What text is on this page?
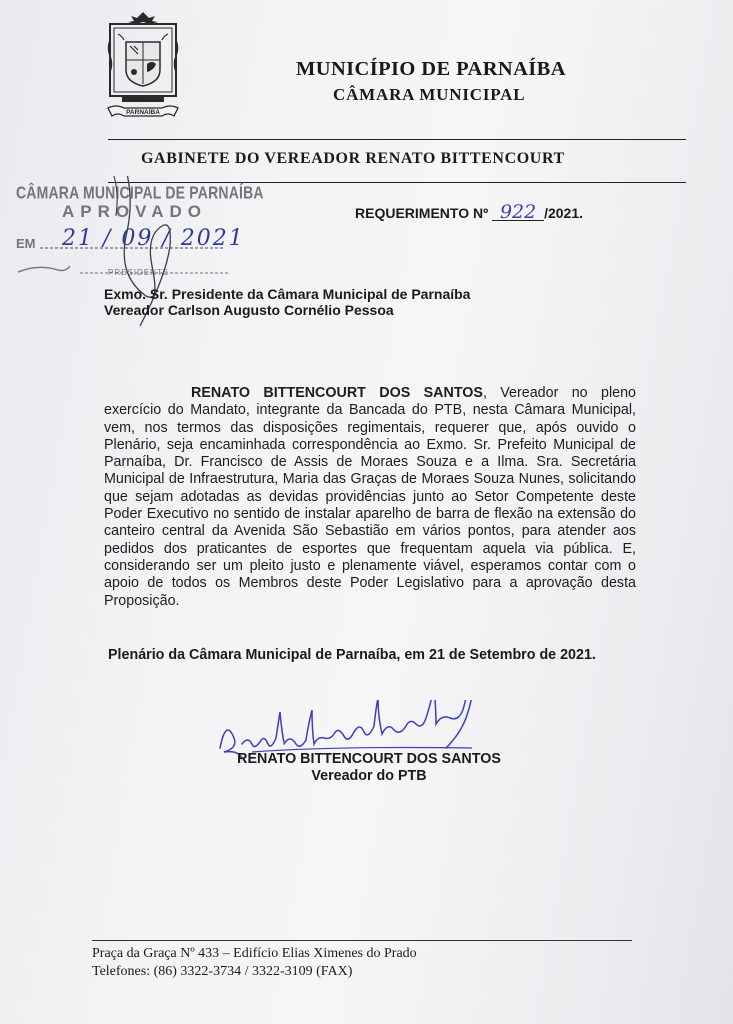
PARNAÍBA
MUNICÍPIO DE PARNAÍBA
CÂMARA MUNICIPAL
GABINETE DO VEREADOR RENATO BITTENCOURT
CÂMARA MUNICIPAL DE PARNAÍBA
APROVADO
EM 21 / 09 / 2021
PRESIDENTE
REQUERIMENTO Nº 922 /2021.
Exmo. Sr. Presidente da Câmara Municipal de Parnaíba
Vereador Carlson Augusto Cornélio Pessoa
RENATO BITTENCOURT DOS SANTOS, Vereador no pleno exercício do Mandato, integrante da Bancada do PTB, nesta Câmara Municipal, vem, nos termos das disposições regimentais, requerer que, após ouvido o Plenário, seja encaminhada correspondência ao Exmo. Sr. Prefeito Municipal de Parnaíba, Dr. Francisco de Assis de Moraes Souza e a Ilma. Sra. Secretária Municipal de Infraestrutura, Maria das Graças de Moraes Souza Nunes, solicitando que sejam adotadas as devidas providências junto ao Setor Competente deste Poder Executivo no sentido de instalar aparelho de barra de flexão na extensão do canteiro central da Avenida São Sebastião em vários pontos, para atender aos pedidos dos praticantes de esportes que frequentam aquela via pública. E, considerando ser um pleito justo e plenamente viável, esperamos contar com o apoio de todos os Membros deste Poder Legislativo para a aprovação desta Proposição.
Plenário da Câmara Municipal de Parnaíba, em 21 de Setembro de 2021.
RENATO BITTENCOURT DOS SANTOS
Vereador do PTB
Praça da Graça Nº 433 – Edifício Elias Ximenes do Prado
Telefones: (86) 3322-3734 / 3322-3109 (FAX)
